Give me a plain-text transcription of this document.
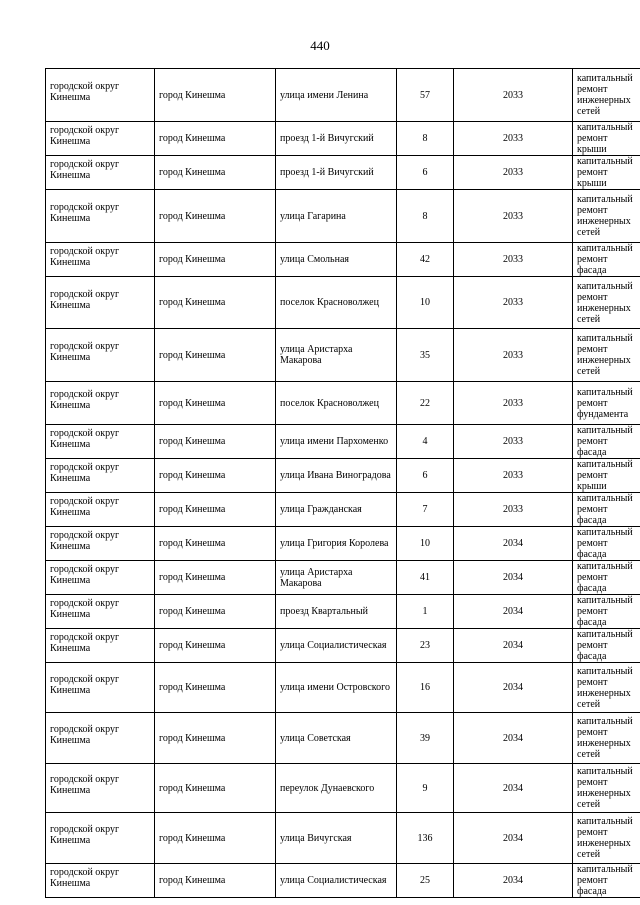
440
городской округ Кинешма	город Кинешма	улица имени Ленина	57	2033	капитальный ремонт инженерных сетей

городской округ Кинешма	город Кинешма	проезд 1-й Вичугский	8	2033	капитальный ремонт крыши

городской округ Кинешма	город Кинешма	проезд 1-й Вичугский	6	2033	капитальный ремонт крыши

городской округ Кинешма	город Кинешма	улица Гагарина	8	2033	капитальный ремонт инженерных сетей

городской округ Кинешма	город Кинешма	улица Смольная	42	2033	капитальный ремонт фасада

городской округ Кинешма	город Кинешма	поселок Красноволжец	10	2033	капитальный ремонт инженерных сетей

городской округ Кинешма	город Кинешма	улица Аристарха Макарова	35	2033	капитальный ремонт инженерных сетей

городской округ Кинешма	город Кинешма	поселок Красноволжец	22	2033	капитальный ремонт фундамента

городской округ Кинешма	город Кинешма	улица имени Пархоменко	4	2033	капитальный ремонт фасада

городской округ Кинешма	город Кинешма	улица Ивана Виноградова	6	2033	капитальный ремонт крыши

городской округ Кинешма	город Кинешма	улица Гражданская	7	2033	капитальный ремонт фасада

городской округ Кинешма	город Кинешма	улица Григория Королева	10	2034	капитальный ремонт фасада

городской округ Кинешма	город Кинешма	улица Аристарха Макарова	41	2034	капитальный ремонт фасада

городской округ Кинешма	город Кинешма	проезд Квартальный	1	2034	капитальный ремонт фасада

городской округ Кинешма	город Кинешма	улица Социалистическая	23	2034	капитальный ремонт фасада

городской округ Кинешма	город Кинешма	улица имени Островского	16	2034	капитальный ремонт инженерных сетей

городской округ Кинешма	город Кинешма	улица Советская	39	2034	капитальный ремонт инженерных сетей

городской округ Кинешма	город Кинешма	переулок Дунаевского	9	2034	капитальный ремонт инженерных сетей

городской округ Кинешма	город Кинешма	улица Вичугская	136	2034	капитальный ремонт инженерных сетей

городской округ Кинешма	город Кинешма	улица Социалистическая	25	2034	капитальный ремонт фасада
